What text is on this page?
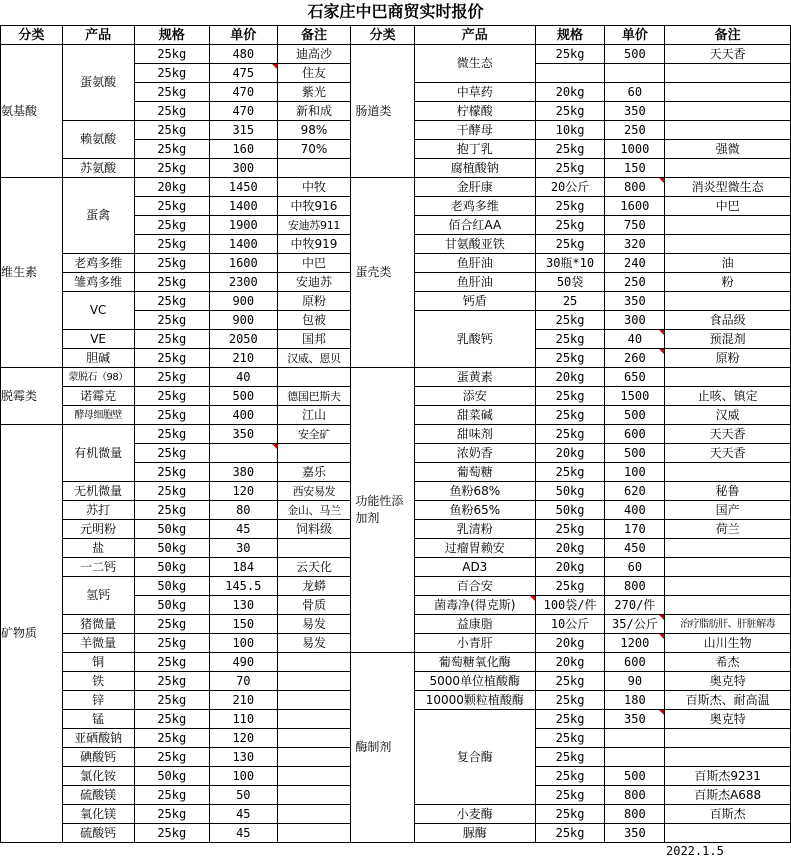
石家庄中巴商贸实时报价
分类	产品	规格	单价	备注	分类	产品	规格	单价	备注
氨基酸	蛋氨酸	25kg	480	迪高沙	肠道类	微生态	25kg	500	天天香
		25kg	475	住友					
		25kg	470	紫光		中草药	20kg	60	
		25kg	470	新和成		柠檬酸	25kg	350	
	赖氨酸	25kg	315	98%		干酵母	10kg	250	
		25kg	160	70%		抱丁乳	25kg	1000	强微
	苏氨酸	25kg	300			腐植酸钠	25kg	150	
维生素	蛋禽	20kg	1450	中牧	蛋壳类	金肝康	20公斤	800	消炎型微生态
		25kg	1400	中牧916		老鸡多维	25kg	1600	中巴
		25kg	1900	安迪苏911		佰合红AA	25kg	750	
		25kg	1400	中牧919		甘氨酸亚铁	25kg	320	
	老鸡多维	25kg	1600	中巴		鱼肝油	30瓶*10	240	油
	雏鸡多维	25kg	2300	安迪苏		鱼肝油	50袋	250	粉
	VC	25kg	900	原粉		钙盾	25	350	
		25kg	900	包被		乳酸钙	25kg	300	食品级
	VE	25kg	2050	国邦			25kg	40	预混剂
	胆碱	25kg	210	汉威、恩贝			25kg	260	原粉
脱霉类	蒙脱石（98）	25kg	40		功能性添加剂	蛋黄素	20kg	650	
	诺霉克	25kg	500	德国巴斯夫		添安	25kg	1500	止咳、镇定
	酵母细胞壁	25kg	400	江山		甜菜碱	25kg	500	汉威
矿物质	有机微量	25kg	350	安全矿		甜味剂	25kg	600	天天香
		25kg				浓奶香	20kg	500	天天香
		25kg	380	嘉乐		葡萄糖	25kg	100	
	无机微量	25kg	120	西安易发		鱼粉68%	50kg	620	秘鲁
	苏打	25kg	80	金山、马兰		鱼粉65%	50kg	400	国产
	元明粉	50kg	45	饲料级		乳清粉	25kg	170	荷兰
	盐	50kg	30			过瘤胃赖安	20kg	450	
	一二钙	50kg	184	云天化		AD3	20kg	60	
	氢钙	50kg	145.5	龙蟒		百合安	25kg	800	
		50kg	130	骨质		菌毒净(得克斯)	100袋/件	270/件	
	猪微量	25kg	150	易发		益康脂	10公斤	35/公斤	治疗脂肪肝、肝脏解毒
	羊微量	25kg	100	易发		小青肝	20kg	1200	山川生物
	铜	25kg	490		酶制剂	葡萄糖氧化酶	20kg	600	希杰
	铁	25kg	70			5000单位植酸酶	25kg	90	奥克特
	锌	25kg	210			10000颗粒植酸酶	25kg	180	百斯杰、耐高温
	锰	25kg	110			复合酶	25kg	350	奥克特
	亚硒酸钠	25kg	120				25kg		
	碘酸钙	25kg	130				25kg		
	氯化铵	50kg	100				25kg	500	百斯杰9231
	硫酸镁	25kg	50				25kg	800	百斯杰A688
	氧化镁	25kg	45			小麦酶	25kg	800	百斯杰
	硫酸钙	25kg	45			脲酶	25kg	350	
2022.1.5
